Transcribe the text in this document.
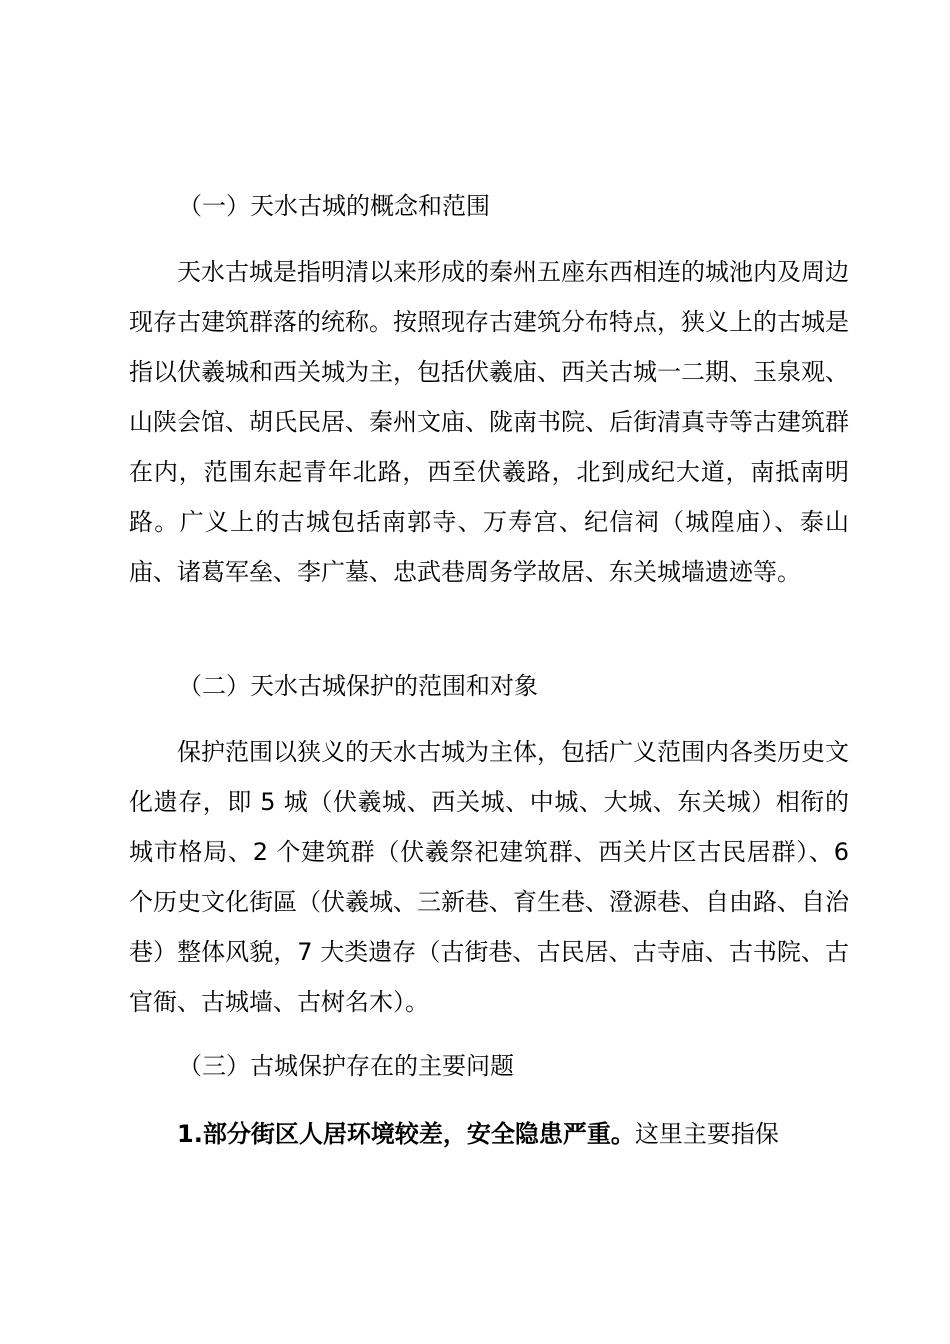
（一）天水古城的概念和范围
天水古城是指明清以来形成的秦州五座东西相连的城池内及周边现存古建筑群落的统称。按照现存古建筑分布特点，狭义上的古城是指以伏羲城和西关城为主，包括伏羲庙、西关古城一二期、玉泉观、山陕会馆、胡氏民居、秦州文庙、陇南书院、后街清真寺等古建筑群在内，范围东起青年北路，西至伏羲路，北到成纪大道，南抵南明路。广义上的古城包括南郭寺、万寿宫、纪信祠（城隍庙）、泰山庙、诸葛军垒、李广墓、忠武巷周务学故居、东关城墙遗迹等。
（二）天水古城保护的范围和对象
保护范围以狭义的天水古城为主体，包括广义范围内各类历史文化遗存，即 5 城（伏羲城、西关城、中城、大城、东关城）相衔的城市格局、2 个建筑群（伏羲祭祀建筑群、西关片区古民居群）、6 个历史文化街區（伏羲城、三新巷、育生巷、澄源巷、自由路、自治巷）整体风貌，7 大类遗存（古街巷、古民居、古寺庙、古书院、古官衙、古城墙、古树名木）。
（三）古城保护存在的主要问题
1.部分街区人居环境较差，安全隐患严重。这里主要指保
